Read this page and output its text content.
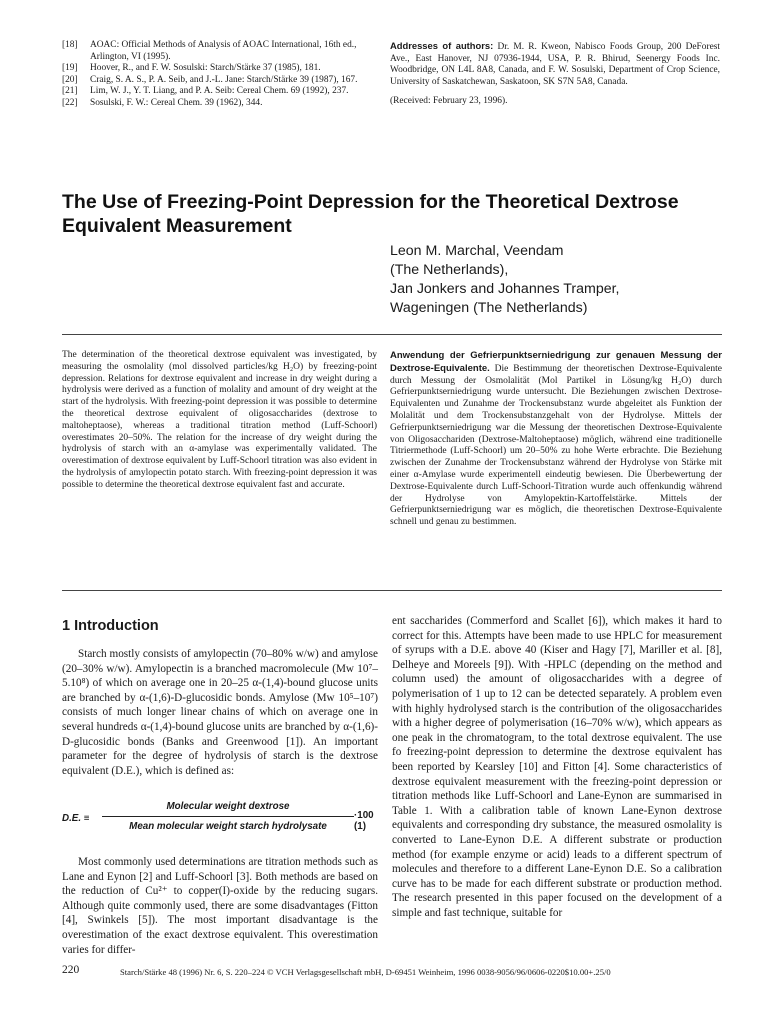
[18] AOAC: Official Methods of Analysis of AOAC International, 16th ed., Arlington, VI (1995).
[19] Hoover, R., and F. W. Sosulski: Starch/Stärke 37 (1985), 181.
[20] Craig, S. A. S., P. A. Seib, and J.-L. Jane: Starch/Stärke 39 (1987), 167.
[21] Lim, W. J., Y. T. Liang, and P. A. Seib: Cereal Chem. 69 (1992), 237.
[22] Sosulski, F. W.: Cereal Chem. 39 (1962), 344.
Addresses of authors: Dr. M. R. Kweon, Nabisco Foods Group, 200 DeForest Ave., East Hanover, NJ 07936-1944, USA, P. R. Bhirud, Seenergy Foods Inc. Woodbridge, ON L4L 8A8, Canada, and F. W. Sosulski, Department of Crop Science, University of Saskatchewan, Saskatoon, SK S7N 5A8, Canada.
(Received: February 23, 1996).
The Use of Freezing-Point Depression for the Theoretical Dextrose Equivalent Measurement
Leon M. Marchal, Veendam
(The Netherlands),
Jan Jonkers and Johannes Tramper,
Wageningen (The Netherlands)
The determination of the theoretical dextrose equivalent was investigated, by measuring the osmolality (mol dissolved particles/kg H₂O) by freezing-point depression. Relations for dextrose equivalent and increase in dry weight during a hydrolysis were derived as a function of molality and amount of dry weight at the start of the hydrolysis. With freezing-point depression it was possible to determine the theoretical dextrose equivalent of oligosaccharides (dextrose to maltoheptaose), whereas a traditional titration method (Luff-Schoorl) overestimates 20–50%. The relation for the increase of dry weight during the hydrolysis of starch with an α-amylase was experimentally validated. The overestimation of dextrose equivalent by Luff-Schoorl titration was also evident in the hydrolysis of amylopectin potato starch. With freezing-point depression it was possible to determine the theoretical dextrose equivalent fast and accurate.
Anwendung der Gefrierpunktserniedrigung zur genauen Messung der Dextrose-Equivalente. Die Bestimmung der theoretischen Dextrose-Equivalente durch Messung der Osmolalität (Mol Partikel in Lösung/kg H₂O) durch Gefrierpunktserniedrigung wurde untersucht. Die Beziehungen zwischen Dextrose-Equivalenten und Zunahme der Trockensubstanz wurde abgeleitet als Funktion der Molalität und dem Trockensubstanzgehalt von der Hydrolyse. Mittels der Gefrierpunktserniedrigung war die Messung der theoretischen Dextrose-Equivalente von Oligosacchariden (Dextrose-Maltoheptaose) möglich, während eine traditionelle Titriermethode (Luff-Schoorl) um 20–50% zu hohe Werte erbrachte. Die Beziehung zwischen der Zunahme der Trockensubstanz während der Hydrolyse von Stärke mit einer α-Amylase wurde experimentell eindeutig bewiesen. Die Überbewertung der Dextrose-Equivalente durch Luff-Schoorl-Titration wurde auch offenkundig während der Hydrolyse von Amylopektin-Kartoffelstärke. Mittels der Gefrierpunktserniedrigung war es möglich, die theoretischen Dextrose-Equivalente schnell und genau zu bestimmen.
1 Introduction
Starch mostly consists of amylopectin (70–80% w/w) and amylose (20–30% w/w). Amylopectin is a branched macromolecule (Mw 10⁷–5.10⁸) of which on average one in 20–25 α-(1,4)-bound glucose units are branched by α-(1,6)-D-glucosidic bonds. Amylose (Mw 10⁵–10⁷) consists of much longer linear chains of which on average one in several hundreds α-(1,4)-bound glucose units are branched by α-(1,6)-D-glucosidic bonds (Banks and Greenwood [1]). An important parameter for the degree of hydrolysis of starch is the dextrose equivalent (D.E.), which is defined as:
D.E. ≡
Molecular weight dextrose
Mean molecular weight starch hydrolysate
·100 (1)
Most commonly used determinations are titration methods such as Lane and Eynon [2] and Luff-Schoorl [3]. Both methods are based on the reduction of Cu²⁺ to copper(I)-oxide by the reducing sugars. Although quite commonly used, there are some disadvantages (Fitton [4], Swinkels [5]). The most important disadvantage is the overestimation of the exact dextrose equivalent. This overestimation varies for differ-
ent saccharides (Commerford and Scallet [6]), which makes it hard to correct for this. Attempts have been made to use HPLC for measurement of syrups with a D.E. above 40 (Kiser and Hagy [7], Mariller et al. [8], Delheye and Moreels [9]). With -HPLC (depending on the method and column used) the amount of oligosaccharides with a degree of polymerisation of 1 up to 12 can be detected separately. A problem even with highly hydrolysed starch is the contribution of the oligosaccharides with a higher degree of polymerisation (16–70% w/w), which appears as one peak in the chromatogram, to the total dextrose equivalent. The use fo freezing-point depression to determine the dextrose equivalent has been reported by Kearsley [10] and Fitton [4]. Some characteristics of dextrose equivalent measurement with the freezing-point depression or titration methods like Luff-Schoorl and Lane-Eynon are summarised in Table 1. With a calibration table of known Lane-Eynon dextrose equivalents and corresponding dry substance, the measured osmolality is converted to Lane-Eynon D.E. A different substrate or production method (for example enzyme or acid) leads to a different spectrum of molecules and therefore to a different Lane-Eynon D.E. So a calibration curve has to be made for each different substrate or production method. The research presented in this paper focused on the development of a simple and fast technique, suitable for
220	Starch/Stärke 48 (1996) Nr. 6, S. 220–224 © VCH Verlagsgesellschaft mbH, D-69451 Weinheim, 1996 0038-9056/96/0606-0220$10.00+.25/0
